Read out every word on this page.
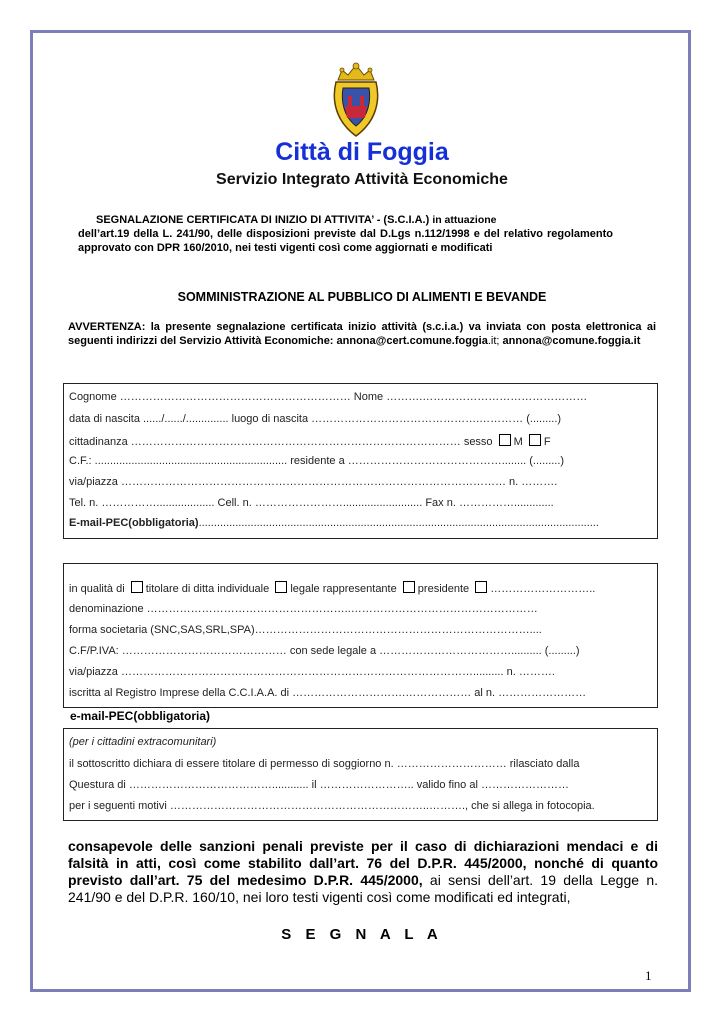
Città di Foggia
Servizio Integrato Attività Economiche
SEGNALAZIONE CERTIFICATA DI INIZIO DI ATTIVITA’ - (S.C.I.A.) in attuazione
dell’art.19 della L. 241/90, delle disposizioni previste dal D.Lgs n.112/1998 e del relativo regolamento approvato con DPR 160/2010, nei testi vigenti così come aggiornati e modificati
SOMMINISTRAZIONE AL PUBBLICO DI ALIMENTI E BEVANDE
AVVERTENZA: la presente segnalazione certificata inizio attività (s.c.i.a.) va inviata con posta elettronica ai seguenti indirizzi del Servizio Attività Economiche: annona@cert.comune.foggia.it; annona@comune.foggia.it
Cognome ……………………………………………………… Nome ……….………………………………………
data di nascita ....../....../.............. luogo di nascita ……………………………………….………… (.........)
cittadinanza ……………………………………………………………………………… sesso M F
C.F.: ............................................................... residente a ……………………………………........ (.........)
via/piazza …………………………………………………………………………………………… n. ……….
Tel. n. ……………................... Cell. n. …………………….......................... Fax n. …………….............
E-mail-PEC(obbligatoria)...................................................................................................................................
in qualità di titolare di ditta individuale legale rappresentante presidente ………………………..
denominazione ………………………………………………..……………………………………………
forma societaria (SNC,SAS,SRL,SPA)…………………………………………………………………....
C.F/P.IVA: ……………………………………… con sede legale a ……………………………….......... (.........)
via/piazza …………………………………………………………………………………….......... n. ……….
iscritta al Registro Imprese della C.C.I.A.A. di ………………………….……………… al n. ……………………
e-mail-PEC(obbligatoria)
(per i cittadini extracomunitari)
il sottoscritto dichiara di essere titolare di permesso di soggiorno n. ………………………… rilasciato dalla
Questura di …………………………………............ il …………………….. valido fino al ……………………
per i seguenti motivi ……………………………………………………………..………., che si allega in fotocopia.
consapevole delle sanzioni penali previste per il caso di dichiarazioni mendaci e di falsità in atti, così come stabilito dall’art. 76 del D.P.R. 445/2000, nonché di quanto previsto dall’art. 75 del medesimo D.P.R. 445/2000, ai sensi dell’art. 19 della Legge n. 241/90 e del D.P.R. 160/10, nei loro testi vigenti così come modificati ed integrati,
S E G N A L A
1
